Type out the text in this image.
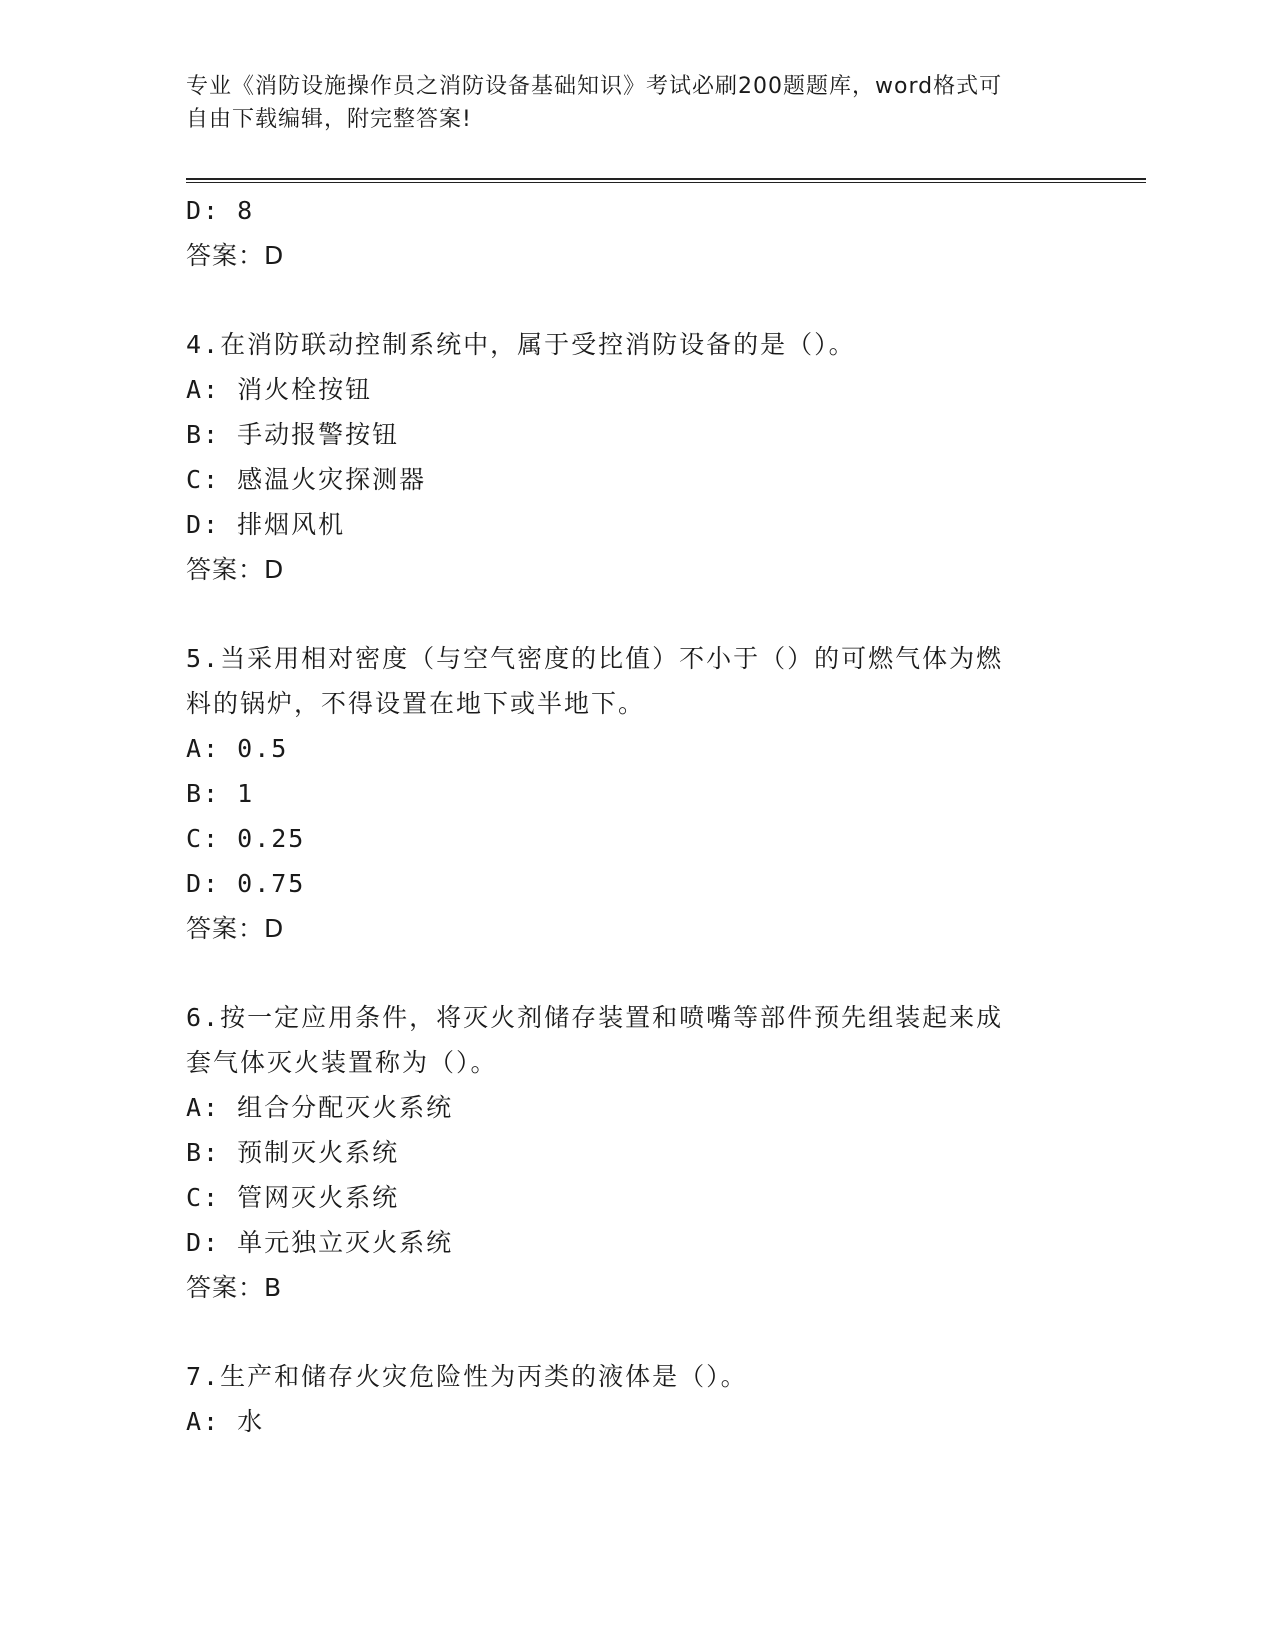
专业《消防设施操作员之消防设备基础知识》考试必刷200题题库，word格式可
自由下载编辑，附完整答案!
D: 8
答案：D
4.在消防联动控制系统中，属于受控消防设备的是（）。
A: 消火栓按钮
B: 手动报警按钮
C: 感温火灾探测器
D: 排烟风机
答案：D
5.当采用相对密度（与空气密度的比值）不小于（）的可燃气体为燃
料的锅炉，不得设置在地下或半地下。
A: 0.5
B: 1
C: 0.25
D: 0.75
答案：D
6.按一定应用条件，将灭火剂储存装置和喷嘴等部件预先组装起来成
套气体灭火装置称为（）。
A: 组合分配灭火系统
B: 预制灭火系统
C: 管网灭火系统
D: 单元独立灭火系统
答案：B
7.生产和储存火灾危险性为丙类的液体是（）。
A: 水
